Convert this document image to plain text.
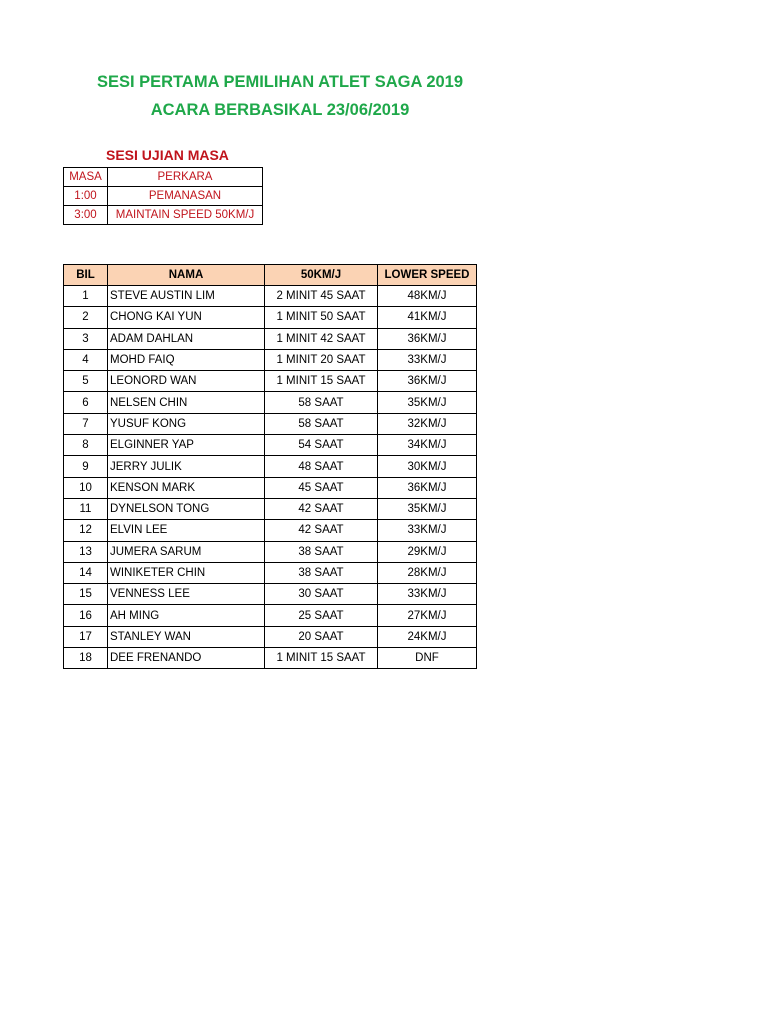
SESI PERTAMA PEMILIHAN ATLET SAGA 2019
ACARA BERBASIKAL 23/06/2019
SESI UJIAN MASA
MASA	PERKARA
1:00	PEMANASAN
3:00	MAINTAIN SPEED 50KM/J
BIL	NAMA	50KM/J	LOWER SPEED
1	STEVE AUSTIN LIM	2 MINIT 45 SAAT	48KM/J
2	CHONG KAI YUN	1 MINIT 50 SAAT	41KM/J
3	ADAM DAHLAN	1 MINIT 42 SAAT	36KM/J
4	MOHD FAIQ	1 MINIT 20 SAAT	33KM/J
5	LEONORD WAN	1 MINIT 15 SAAT	36KM/J
6	NELSEN CHIN	58 SAAT	35KM/J
7	YUSUF KONG	58 SAAT	32KM/J
8	ELGINNER YAP	54 SAAT	34KM/J
9	JERRY JULIK	48 SAAT	30KM/J
10	KENSON MARK	45 SAAT	36KM/J
11	DYNELSON TONG	42 SAAT	35KM/J
12	ELVIN LEE	42 SAAT	33KM/J
13	JUMERA SARUM	38 SAAT	29KM/J
14	WINIKETER CHIN	38 SAAT	28KM/J
15	VENNESS LEE	30 SAAT	33KM/J
16	AH MING	25 SAAT	27KM/J
17	STANLEY WAN	20 SAAT	24KM/J
18	DEE FRENANDO	1 MINIT 15 SAAT	DNF
